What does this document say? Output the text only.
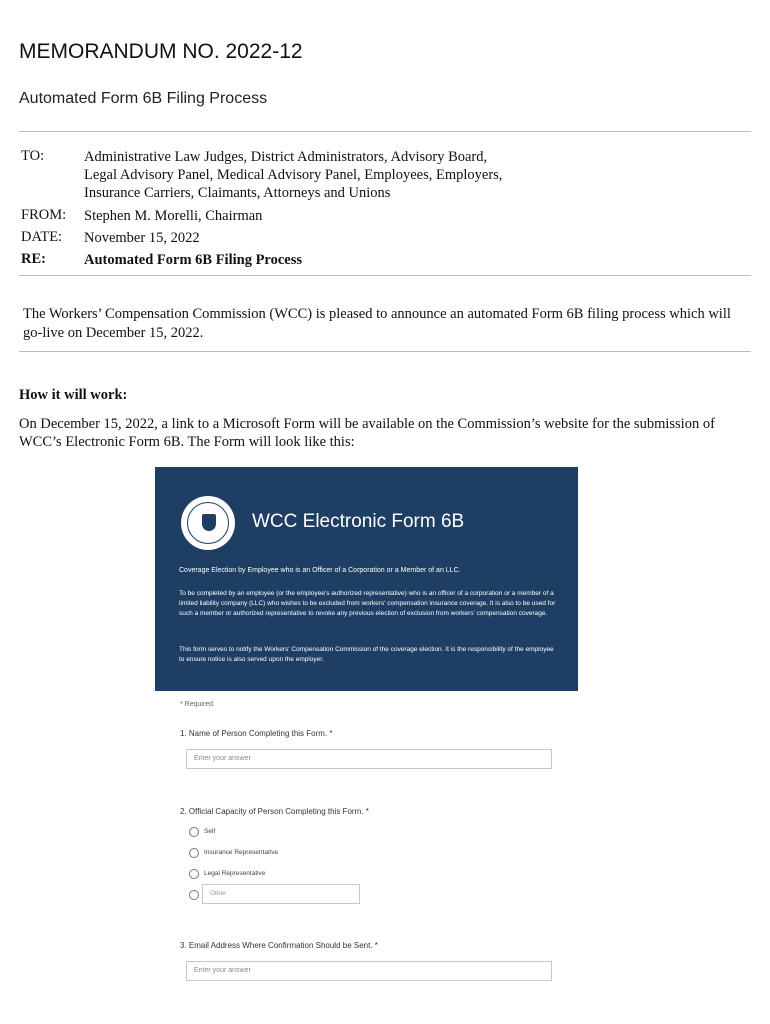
MEMORANDUM NO. 2022-12
Automated Form 6B Filing Process
TO:	Administrative Law Judges, District Administrators, Advisory Board,
Legal Advisory Panel, Medical Advisory Panel, Employees, Employers,
Insurance Carriers, Claimants, Attorneys and Unions
FROM: Stephen M. Morelli, Chairman
DATE: November 15, 2022
RE:	Automated Form 6B Filing Process
The Workers’ Compensation Commission (WCC) is pleased to announce an automated Form 6B filing process which will go-live on December 15, 2022.
How it will work:
On December 15, 2022, a link to a Microsoft Form will be available on the Commission’s website for the submission of WCC’s Electronic Form 6B. The Form will look like this:
WCC Electronic Form 6B
Coverage Election by Employee who is an Officer of a Corporation or a Member of an LLC.
To be completed by an employee (or the employee's authorized representative) who is an officer of a corporation or a member of a limited liability company (LLC) who wishes to be excluded from workers' compensation insurance coverage. It is also to be used for such a member or authorized representative to revoke any previous election of exclusion from workers' compensation coverage.
This form serves to notify the Workers' Compensation Commission of the coverage election. It is the responsibility of the employee to ensure notice is also served upon the employer.
* Required
1. Name of Person Completing this Form. *
Enter your answer
2. Official Capacity of Person Completing this Form. *
Self
Insurance Representative
Legal Representative
Other
3. Email Address Where Confirmation Should be Sent. *
Enter your answer
